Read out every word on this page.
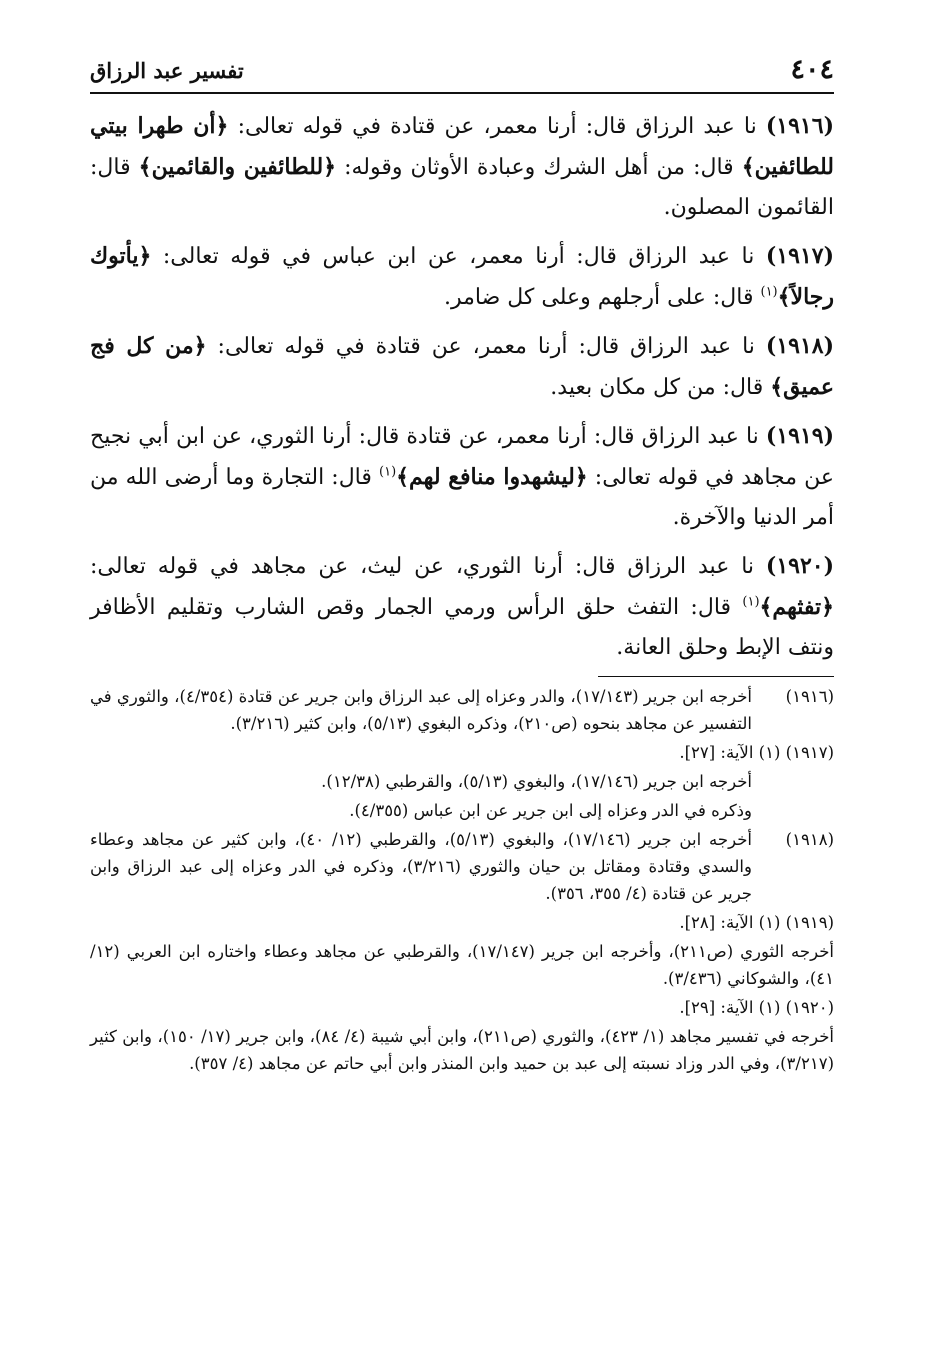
٤٠٤
تفسير عبد الرزاق

(١٩١٦) نا عبد الرزاق قال: أرنا معمر، عن قتادة في قوله تعالى: ﴿أن طهرا بيتي للطائفين﴾ قال: من أهل الشرك وعبادة الأوثان وقوله: ﴿للطائفين والقائمين﴾ قال: القائمون المصلون.

(١٩١٧) نا عبد الرزاق قال: أرنا معمر، عن ابن عباس في قوله تعالى: ﴿يأتوك رجالاً﴾$^{(١)}$ قال: على أرجلهم وعلى كل ضامر.

(١٩١٨) نا عبد الرزاق قال: أرنا معمر، عن قتادة في قوله تعالى: ﴿من كل فج عميق﴾ قال: من كل مكان بعيد.

(١٩١٩) نا عبد الرزاق قال: أرنا معمر، عن قتادة قال: أرنا الثوري، عن ابن أبي نجيح عن مجاهد في قوله تعالى: ﴿ليشهدوا منافع لهم﴾$^{(١)}$ قال: التجارة وما أرضى الله من أمر الدنيا والآخرة.

(١٩٢٠) نا عبد الرزاق قال: أرنا الثوري، عن ليث، عن مجاهد في قوله تعالى: ﴿تفثهم﴾$^{(١)}$ قال: التفث حلق الرأس ورمي الجمار وقص الشارب وتقليم الأظافر ونتف الإبط وحلق العانة.

(١٩١٦)
أخرجه ابن جرير (١٧/١٤٣)، والدر وعزاه إلى عبد الرزاق وابن جرير عن قتادة (٤/٣٥٤)، والثوري في التفسير عن مجاهد بنحوه (ص٢١٠)، وذكره البغوي (٥/١٣)، وابن كثير (٣/٢١٦).
(١٩١٧) (١) الآية: [٢٧].
أخرجه ابن جرير (١٧/١٤٦)، والبغوي (٥/١٣)، والقرطبي (١٢/٣٨).
وذكره في الدر وعزاه إلى ابن جرير عن ابن عباس (٤/٣٥٥).
(١٩١٨)
أخرجه ابن جرير (١٧/١٤٦)، والبغوي (٥/١٣)، والقرطبي (١٢/ ٤٠)، وابن كثير عن مجاهد وعطاء والسدي وقتادة ومقاتل بن حيان والثوري (٣/٢١٦)، وذكره في الدر وعزاه إلى عبد الرزاق وابن جرير عن قتادة (٤/ ٣٥٥، ٣٥٦).
(١٩١٩) (١) الآية: [٢٨].
أخرجه الثوري (ص٢١١)، وأخرجه ابن جرير (١٧/١٤٧)، والقرطبي عن مجاهد وعطاء واختاره ابن العربي (١٢/ ٤١)، والشوكاني (٣/٤٣٦).
(١٩٢٠) (١) الآية: [٢٩].
أخرجه في تفسير مجاهد (١/ ٤٢٣)، والثوري (ص٢١١)، وابن أبي شيبة (٤/ ٨٤)، وابن جرير (١٧/ ١٥٠)، وابن كثير (٣/٢١٧)، وفي الدر وزاد نسبته إلى عبد بن حميد وابن المنذر وابن أبي حاتم عن مجاهد (٤/ ٣٥٧).
